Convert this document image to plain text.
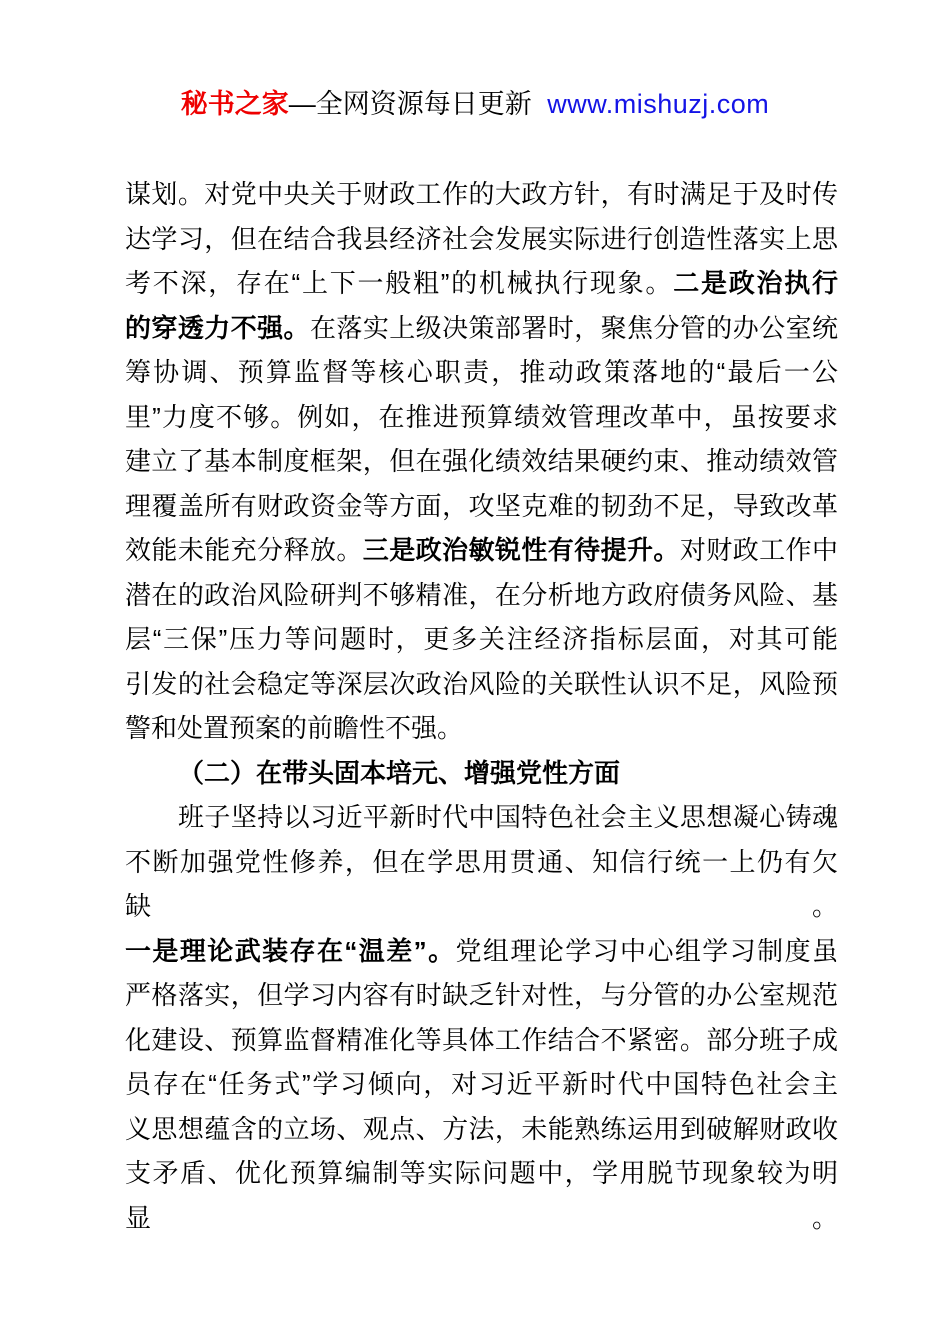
秘书之家—全网资源每日更新 www.mishuzj.com
谋划。对党中央关于财政工作的大政方针，有时满足于及时传
达学习，但在结合我县经济社会发展实际进行创造性落实上思
考不深，存在“上下一般粗”的机械执行现象。二是政治执行
的穿透力不强。在落实上级决策部署时，聚焦分管的办公室统
筹协调、预算监督等核心职责，推动政策落地的“最后一公
里”力度不够。例如，在推进预算绩效管理改革中，虽按要求
建立了基本制度框架，但在强化绩效结果硬约束、推动绩效管
理覆盖所有财政资金等方面，攻坚克难的韧劲不足，导致改革
效能未能充分释放。三是政治敏锐性有待提升。对财政工作中
潜在的政治风险研判不够精准，在分析地方政府债务风险、基
层“三保”压力等问题时，更多关注经济指标层面，对其可能
引发的社会稳定等深层次政治风险的关联性认识不足，风险预
警和处置预案的前瞻性不强。
（二）在带头固本培元、增强党性方面
班子坚持以习近平新时代中国特色社会主义思想凝心铸魂
不断加强党性修养，但在学思用贯通、知信行统一上仍有欠缺。
一是理论武装存在“温差”。党组理论学习中心组学习制度虽
严格落实，但学习内容有时缺乏针对性，与分管的办公室规范
化建设、预算监督精准化等具体工作结合不紧密。部分班子成
员存在“任务式”学习倾向，对习近平新时代中国特色社会主
义思想蕴含的立场、观点、方法，未能熟练运用到破解财政收
支矛盾、优化预算编制等实际问题中，学用脱节现象较为明显。
